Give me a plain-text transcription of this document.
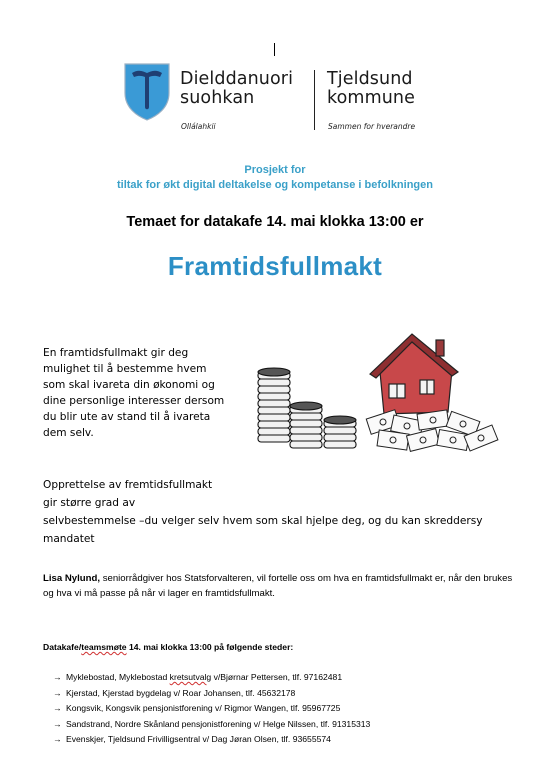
Dielddanuori
suohkan
Tjeldsund
kommune
Ollálahkii	Sammen for hverandre
Prosjekt for
tiltak for økt digital deltakelse og kompetanse i befolkningen
Temaet for datakafe 14. mai klokka 13:00 er
Framtidsfullmakt
En framtidsfullmakt gir deg
mulighet til å bestemme hvem
som skal ivareta din økonomi og
dine personlige interesser dersom
du blir ute av stand til å ivareta
dem selv.
Opprettelse av fremtidsfullmakt
gir større grad av
selvbestemmelse –du velger selv hvem som skal hjelpe deg, og du kan skreddersy
mandatet
Lisa Nylund, seniorrådgiver hos Statsforvalteren, vil fortelle oss om hva en framtidsfullmakt er, når den brukes og hva vi må passe på når vi lager en framtidsfullmakt.
Datakafe/teamsmøte 14. mai klokka 13:00 på følgende steder:
→ Myklebostad, Myklebostad kretsutvalg v/Bjørnar Pettersen, tlf. 97162481
→ Kjerstad, Kjerstad bygdelag v/ Roar Johansen, tlf. 45632178
→ Kongsvik, Kongsvik pensjonistforening v/ Rigmor Wangen, tlf. 95967725
→ Sandstrand, Nordre Skånland pensjonistforening v/ Helge Nilssen, tlf. 91315313
→ Evenskjer, Tjeldsund Frivilligsentral v/ Dag Jøran Olsen, tlf. 93655574
